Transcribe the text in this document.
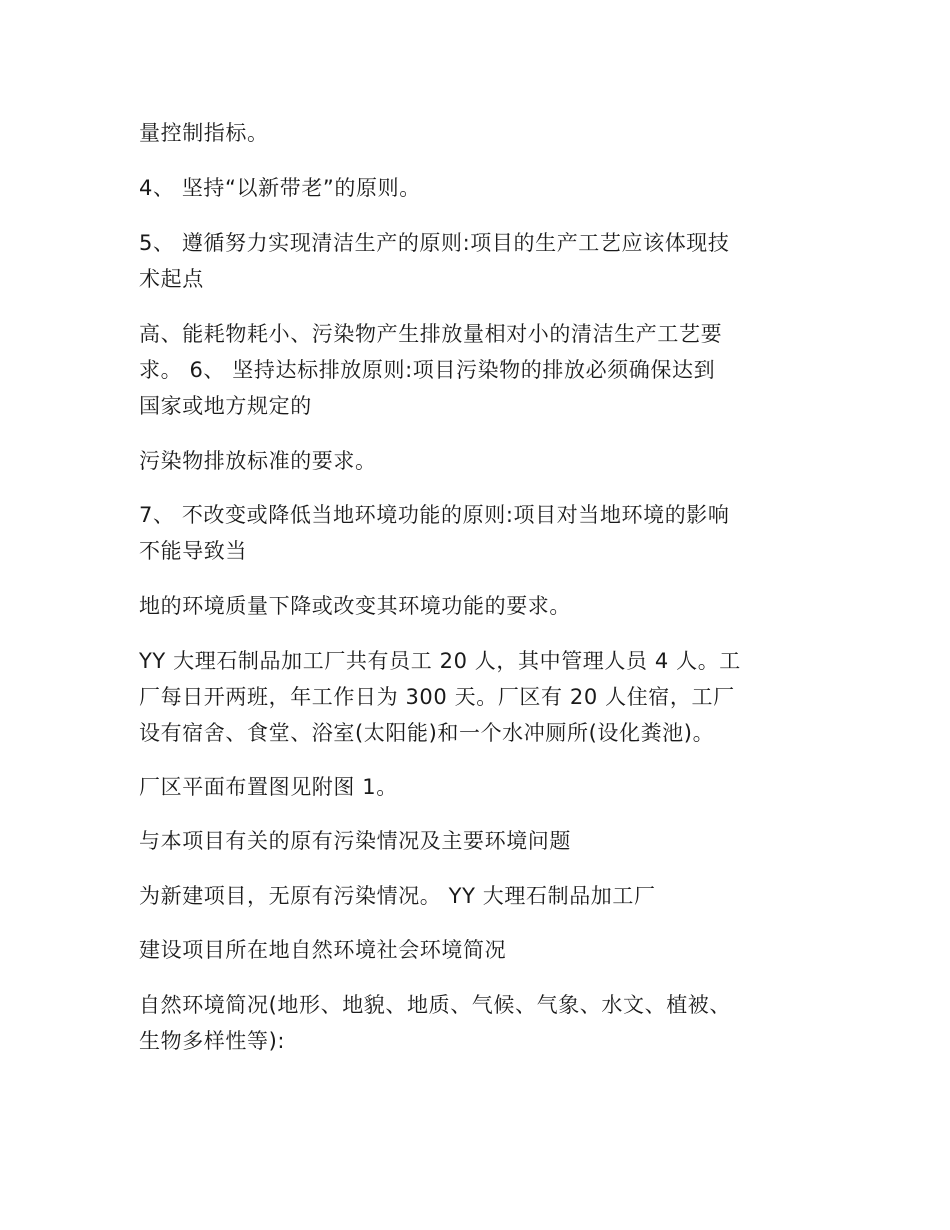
量控制指标。

4、 坚持“以新带老”的原则。

5、 遵循努力实现清洁生产的原则:项目的生产工艺应该体现技
术起点

高、能耗物耗小、污染物产生排放量相对小的清洁生产工艺要
求。 6、 坚持达标排放原则:项目污染物的排放必须确保达到
国家或地方规定的

污染物排放标准的要求。

7、 不改变或降低当地环境功能的原则:项目对当地环境的影响
不能导致当

地的环境质量下降或改变其环境功能的要求。

YY 大理石制品加工厂共有员工 20 人，其中管理人员 4 人。工
厂每日开两班，年工作日为 300 天。厂区有 20 人住宿，工厂
设有宿舍、食堂、浴室(太阳能)和一个水冲厕所(设化粪池)。

厂区平面布置图见附图 1。

与本项目有关的原有污染情况及主要环境问题

为新建项目，无原有污染情况。 YY 大理石制品加工厂

建设项目所在地自然环境社会环境简况

自然环境简况(地形、地貌、地质、气候、气象、水文、植被、
生物多样性等):
